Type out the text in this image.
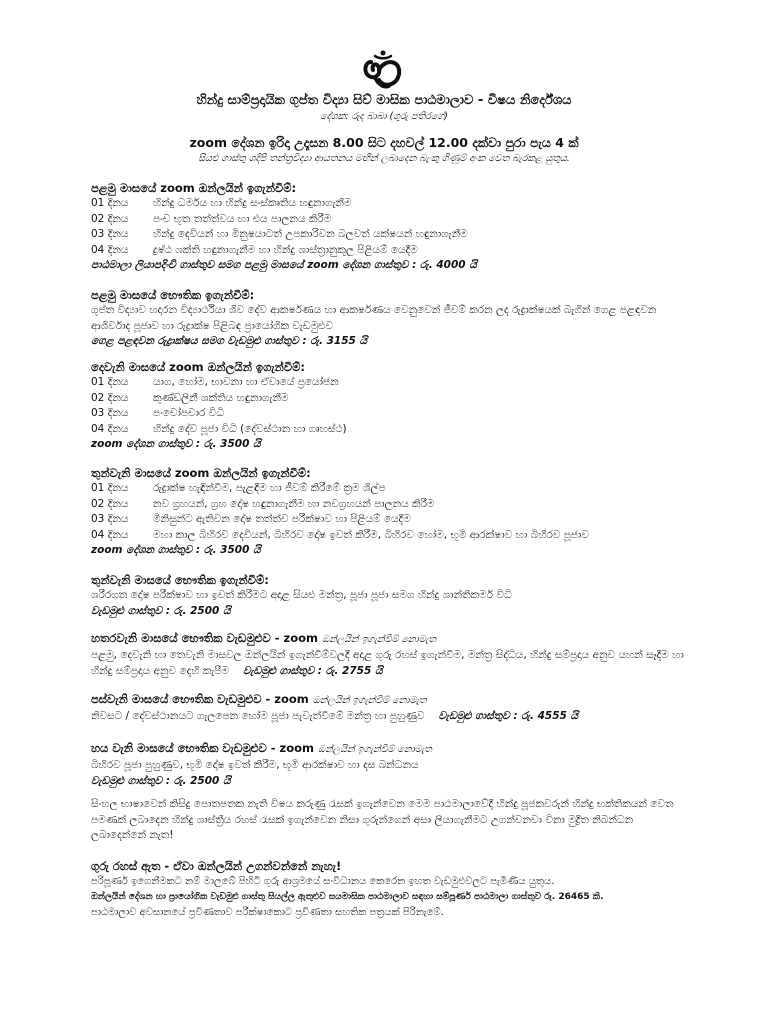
හින්දු සාම්ප්‍රදායික ගුප්ත විද්‍යා සිව් මාසික පාඨමාලාව - විෂය නිර්දේශය
දේශක: රූද බාබා (ගුරු පතිරගේ)
zoom දේශන ඉරිදා උදෑසන 8.00 සිට දහවල් 12.00 දක්වා පුරා පැය 4 ක්
සියළු ගාස්තු ශදිපි තන්ත්‍රවිද්‍යා ආයතනය මඟින් ලබාදෙන බැංකු ගිණුම් අංක වෙත බැරකළ යුතුය.
පළමු මාසයේ zoom ඔන්ලයින් ඉගැන්වීම්:
01 දිනය හින්දු ධර්මය හා හින්දු සංස්කෘතිය හඳුනාගැනීම
02 දිනය පංච භූත තත්ත්වය හා එය පාලනය කිරීම
03 දිනය හින්දු දෙවියන් හා මිනුෂයාටත් උපකාරිවන බලවත් යක්ෂයන් හඳුනාගැනීම
04 දිනය දුෂ්ඨ ශක්ති හඳුනාගැනීම හා හින්දු ශාස්ත්‍රානුකූල පිළියම් යෙදීම
පාඨමාලා ලියාපදිංචි ගාස්තුව සමග පළමු මාසයේ zoom දේශන ගාස්තුව : රු. 4000 යි
පළමු මාසයේ භෞතික ඉගැන්වීම්:
ගුප්ත විද්‍යාව හදාරන විද්‍යාර්ථියා ශිව දේව ආකර්ෂණය හා ආකර්ෂණය වෙනුවෙන් ජීවම් කරන ලද රුද්‍රාක්ෂයක් බැගින් ගෙළ පළඳවන ආශිර්වාද පූජාව හා රුද්‍රාක්ෂ පිළිබඳ ප්‍රායෝගික වැඩමුළුව
ගෙළ පළඳවන රුද්‍රාක්ෂය සමග වැඩමුළු ගාස්තුව : රු. 3155 යි
දෙවැනි මාසයේ zoom ඔන්ලයින් ඉගැන්වීම්:
01 දිනය යාග, හෝම, භාවනා හා ඒවායේ ප්‍රයෝජන
02 දිනය කුණ්ඩලිනී ශක්තිය හඳුනාගැනීම
03 දිනය පංචෝපචාර විධි
04 දිනය හින්දු දේව පූජා විධි (දේවස්ථාන හා ගෘහස්ථ)
zoom දේශන ගාස්තුව : රු. 3500 යි
තුන්වැනි මාසයේ zoom ඔන්ලයින් ඉගැන්වීම්:
01 දිනය රුද්‍රාක්ෂ හැඳින්වීම, පැළඳීම හා ජීවම් කිරීමේ ක්‍රම ශිල්ප
02 දිනය නව ග්‍රහයන්, ග්‍රහ දෝෂ හඳුනාගැනීම හා නවග්‍රහයන් පාලනය කිරීම
03 දිනය මිනිසුන්ට ඇතිවන දෝෂ තත්ත්ව පරීක්ෂාව හා පිළියම් යෙදීම
04 දිනය මහා කාල බිහිරව දෙවියන්, බිහිරව දෝෂ ඉවත් කිරීම, බිහිරව හෝම, භූමි ආරක්ෂාව හා බිහිරව පූජාව
zoom දේශන ගාස්තුව : රු. 3500 යි
තුන්වැනි මාසයේ භෞතික ඉගැන්වීම්:
ශරීරගත දෝෂ පරීක්ෂාව හා ඉවත් කිරීමට අදාළ සියළු මන්ත්‍ර, පූජා පූජා සමග හින්දු ශාන්තිකර්ම විධි
වැඩමුළු ගාස්තුව : රු. 2500 යි
හතරවැනි මාසයේ භෞතික වැඩමුළුව - zoom ඔන්ලයින් ඉගැන්වීම් නොමැත
පළමු, දෙවැනි හා තෙවැනි මාසවල ඔන්ලයින් ඉගැන්වීම්වලදී අදාළ ගුරු රහස් ඉගැන්වීම, මන්ත්‍ර සිද්ධිය, හින්දු සම්ප්‍රදාය අනුව යහන් සෑදීම හා හින්දු සම්ප්‍රදාය අනුව දෙහි කැපීම වැඩමුළු ගාස්තුව : රු. 2755 යි
පස්වැනි මාසයේ භෞතික වැඩමුළුව - zoom ඔන්ලයින් ඉගැන්වීම් නොමැත
නිවසට / දේවස්ථානයට ගැලපෙන හෝම පූජා පැවැත්වීමේ මන්ත්‍ර හා පුහුණුව වැඩමුළු ගාස්තුව : රු. 4555 යි
හය වැනි මාසයේ භෞතික වැඩමුළුව - zoom ඔන්ලයින් ඉගැන්වීම් නොමැත
බිහිරව පූජා පුහුණුව, භූමි දෝෂ ඉවත් කිරීම, භූමි ආරක්ෂාව හා දස බන්ධනය
වැඩමුළු ගාස්තුව : රු. 2500 යි
සිංහල භාෂාවෙන් කිසිදු පොතපතක නැති විෂය කරුණු රැසක් ඉගැන්වෙන මෙම පාඨමාලාවේදී හින්දු පූජකවරුන් හින්දු භක්තිකයන් වෙත පමණක් ලබාදෙන හින්දු ශාස්ත්‍රීය රහස් රැසක් ඉගැන්වෙන නිසා ගුරුන්ගෙන් අසා ලියාගැනීමට උගන්වනවා විනා මුද්‍රිත නිබන්ධන ලබාදෙන්නේ නැත!
ගුරු රහස් ඇත - ඒවා ඔන්ලයින් උගන්වන්නේ නැහැ!
පරිපූර්ණ ඉගෙනීමකට නම් මාලබේ පිහිටි ගුරු ආශ්‍රමයේ සංවිධානය කෙරෙන ඉහත වැඩමුළුවලට පැමිණිය යුතුය.
ඔන්ලයින් දේශන හා ප්‍රායෝගික වැඩමුළු ගාස්තු සියල්ල ඇතුළුව සයමාසික පාඨමාලාව සඳහා සම්පූර්ණ පාඨමාලා ගාස්තුව රු. 26465 කි.
පාඨමාලාව අවසානයේ ප්‍රවිණතාව පරීක්ෂාකොට ප්‍රවිණතා සහතික පත්‍රයක් පිරිනැමේ.
